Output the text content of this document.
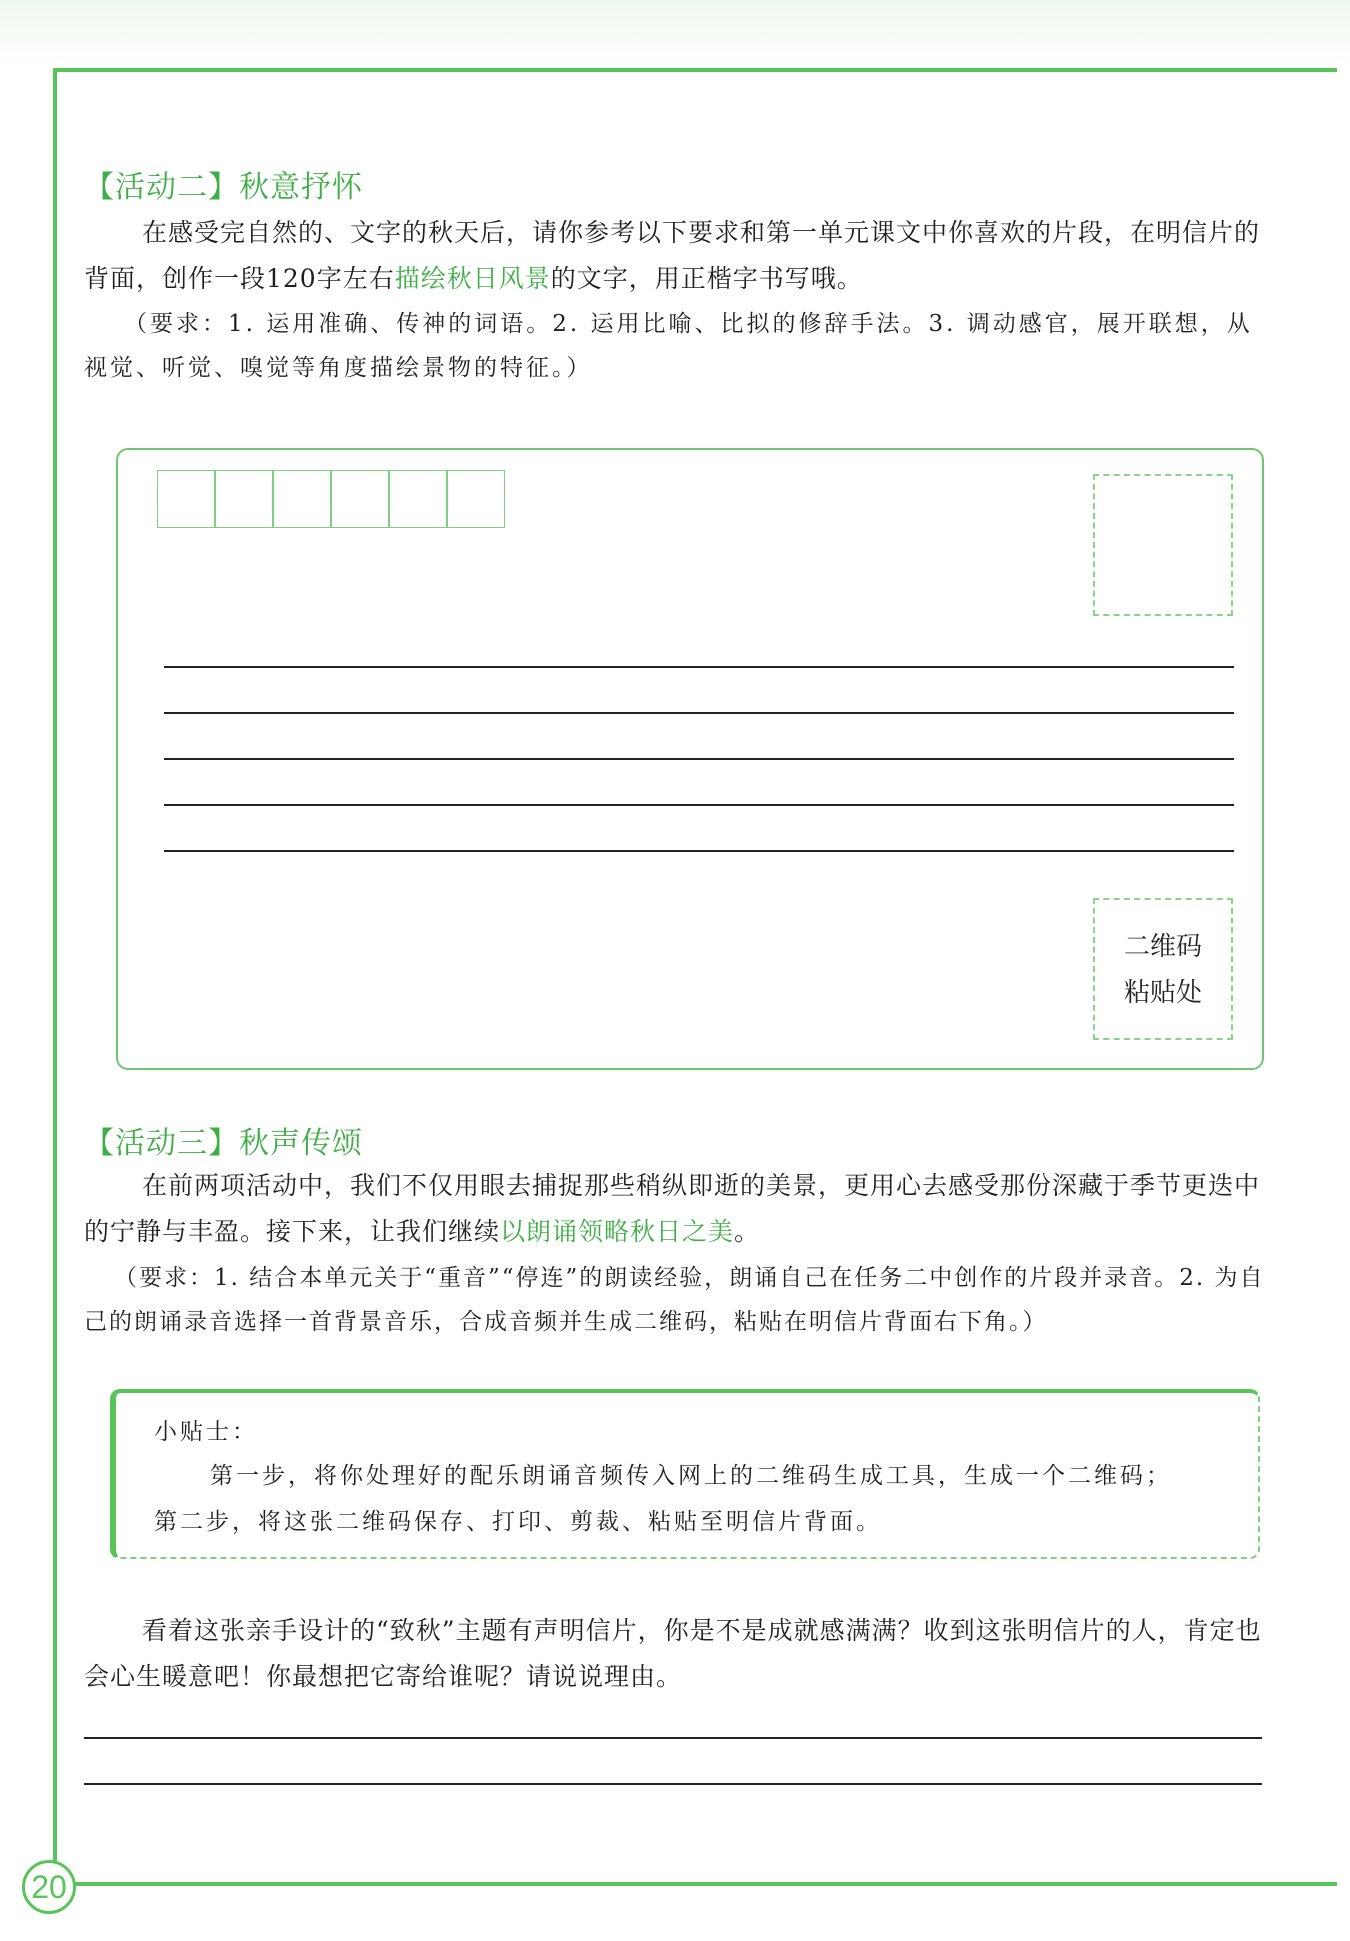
20
【活动二】秋意抒怀
在感受完自然的、文字的秋天后，请你参考以下要求和第一单元课文中你喜欢的片段，在明信片的背面，创作一段120字左右描绘秋日风景的文字，用正楷字书写哦。
（要求：1. 运用准确、传神的词语。2. 运用比喻、比拟的修辞手法。3. 调动感官，展开联想，从视觉、听觉、嗅觉等角度描绘景物的特征。）
二维码
粘贴处
【活动三】秋声传颂
在前两项活动中，我们不仅用眼去捕捉那些稍纵即逝的美景，更用心去感受那份深藏于季节更迭中的宁静与丰盈。接下来，让我们继续以朗诵领略秋日之美。
（要求：1. 结合本单元关于“重音”“停连”的朗读经验，朗诵自己在任务二中创作的片段并录音。2. 为自己的朗诵录音选择一首背景音乐，合成音频并生成二维码，粘贴在明信片背面右下角。）
小贴士：
第一步，将你处理好的配乐朗诵音频传入网上的二维码生成工具，生成一个二维码；
第二步，将这张二维码保存、打印、剪裁、粘贴至明信片背面。
看着这张亲手设计的“致秋”主题有声明信片，你是不是成就感满满？收到这张明信片的人，肯定也会心生暖意吧！你最想把它寄给谁呢？请说说理由。
